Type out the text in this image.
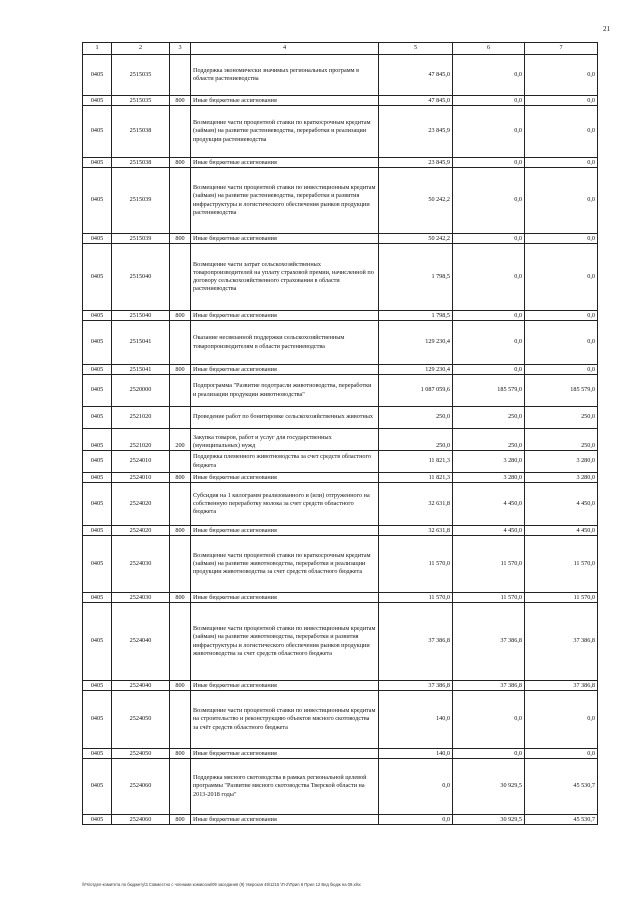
21
1	2	3	4	5	6	7
0405	2515035		Поддержка экономически значимых региональных программ в области растениеводства	47 845,0	0,0	0,0
0405	2515035	800	Иные бюджетные ассигнования	47 845,0	0,0	0,0
0405	2515038		Возмещение части процентной ставки по краткосрочным кредитам (займам) на развитие растениеводства, переработки и реализации продукции растениеводства	23 845,9	0,0	0,0
0405	2515038	800	Иные бюджетные ассигнования	23 845,9	0,0	0,0
0405	2515039		Возмещение части процентной ставки по инвестиционным кредитам (займам) на развитие растениеводства, переработки и развития инфраструктуры и логистического обеспечения рынков продукции растениеводства	50 242,2	0,0	0,0
0405	2515039	800	Иные бюджетные ассигнования	50 242,2	0,0	0,0
0405	2515040		Возмещение части затрат сельскохозяйственных товаропроизводителей на уплату страховой премии, начисленной по договору сельскохозяйственного страхования в области растениеводства	1 798,5	0,0	0,0
0405	2515040	800	Иные бюджетные ассигнования	1 798,5	0,0	0,0
0405	2515041		Оказание несвязанной поддержки сельскохозяйственным товаропроизводителям в области растениеводства	129 230,4	0,0	0,0
0405	2515041	800	Иные бюджетные ассигнования	129 230,4	0,0	0,0
0405	2520000		Подпрограмма "Развитие подотрасли животноводства, переработки и реализации продукции животноводства"	1 087 059,6	185 579,0	185 579,0
0405	2521020		Проведение работ по бонитировке сельскохозяйственных животных	250,0	250,0	250,0
0405	2521020	200	Закупка товаров, работ и услуг для государственных (муниципальных) нужд	250,0	250,0	250,0
0405	2524010		Поддержка племенного животноводства за счет средств областного бюджета	11 821,3	3 280,0	3 280,0
0405	2524010	800	Иные бюджетные ассигнования	11 821,3	3 280,0	3 280,0
0405	2524020		Субсидия на 1 килограмм реализованного и (или) отгруженного на собственную переработку молока за счет средств областного бюджета	32 631,8	4 450,0	4 450,0
0405	2524020	800	Иные бюджетные ассигнования	32 631,8	4 450,0	4 450,0
0405	2524030		Возмещение части процентной ставки по краткосрочным кредитам (займам) на развитие животноводства, переработки и реализации продукции животноводства за счет средств областного бюджета	11 570,0	11 570,0	11 570,0
0405	2524030	800	Иные бюджетные ассигнования	11 570,0	11 570,0	11 570,0
0405	2524040		Возмещение части процентной ставки по инвестиционным кредитам (займам) на развитие животноводства, переработки и развития инфраструктуры и логистического обеспечения рынков продукции животноводства за счет средств областного бюджета	37 386,8	37 386,8	37 386,8
0405	2524040	800	Иные бюджетные ассигнования	37 386,8	37 386,8	37 386,8
0405	2524050		Возмещение части процентной ставки по инвестиционным кредитам на строительство и реконструкцию объектов мясного скотоводства за счёт средств областного бюджета	140,0	0,0	0,0
0405	2524050	800	Иные бюджетные ассигнования	140,0	0,0	0,0
0405	2524060		Поддержка мясного скотоводства в рамках региональной целевой программы "Развитие мясного скотоводства Тверской области на 2013-2018 годы"	0,0	30 929,5	45 530,7
0405	2524060	800	Иные бюджетные ассигнования	0,0	30 929,5	45 530,7
\\Fs\отдел-комитета по бюджету\3 Совместно с членами комиссии\09 заседания (9) тверская 49\1215 \П-2\Прил 6 Прил 12 Вед бюдж на 09.xlsx
